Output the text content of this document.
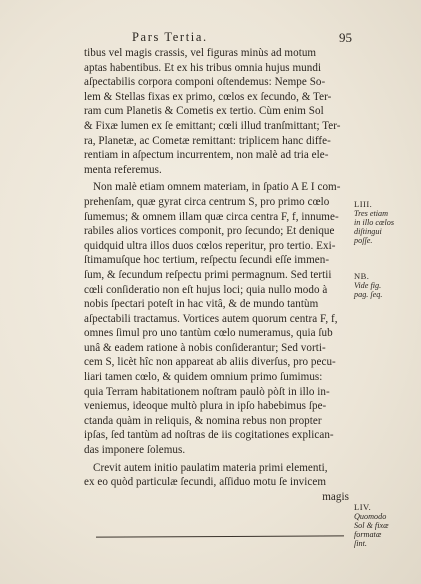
Pars Tertia.	95
tibus vel magis crassis, vel figuras minùs ad motum
aptas habentibus. Et ex his tribus omnia hujus mundi
aſpectabilis corpora componi oſtendemus: Nempe So-
lem & Stellas fixas ex primo, cœlos ex ſecundo, & Ter-
ram cum Planetis & Cometis ex tertio. Cùm enim Sol
& Fixæ lumen ex ſe emittant; cœli illud tranſmittant; Ter-
ra, Planetæ, ac Cometæ remittant: triplicem hanc diffe-
rentiam in aſpectum incurrentem, non malè ad tria ele-
menta referemus.
Non malè etiam omnem materiam, in ſpatio A E I com-
prehenſam, quæ gyrat circa centrum S, pro primo cœlo
ſumemus; & omnem illam quæ circa centra F, f, innume-
rabiles alios vortices componit, pro ſecundo; Et denique
quidquid ultra illos duos cœlos reperitur, pro tertio. Exi-
ſtimamuſque hoc tertium, reſpectu ſecundi eſſe immen-
ſum, & ſecundum reſpectu primi permagnum. Sed tertii
cœli conſideratio non eſt hujus loci; quia nullo modo à
nobis ſpectari poteſt in hac vitâ, & de mundo tantùm
aſpectabili tractamus. Vortices autem quorum centra F, f,
omnes ſimul pro uno tantùm cœlo numeramus, quia ſub
unâ & eadem ratione à nobis conſiderantur; Sed vorti-
cem S, licèt hîc non appareat ab aliis diverſus, pro pecu-
liari tamen cœlo, & quidem omnium primo ſumimus:
quia Terram habitationem noſtram paulò pòſt in illo in-
veniemus, ideoque multò plura in ipſo habebimus ſpe-
ctanda quàm in reliquis, & nomina rebus non propter
ipſas, ſed tantùm ad noſtras de iis cogitationes explican-
das imponere ſolemus.
Crevit autem initio paulatim materia primi elementi,
ex eo quòd particulæ ſecundi, aſſiduo motu ſe invicem
magis
LIII.
Tres etiam
in illo cœlos
diſtingui
poſſe.
NB.
Vide fig.
pag. ſeq.
LIV.
Quomodo
Sol & fixæ
formatæ
ſint.
